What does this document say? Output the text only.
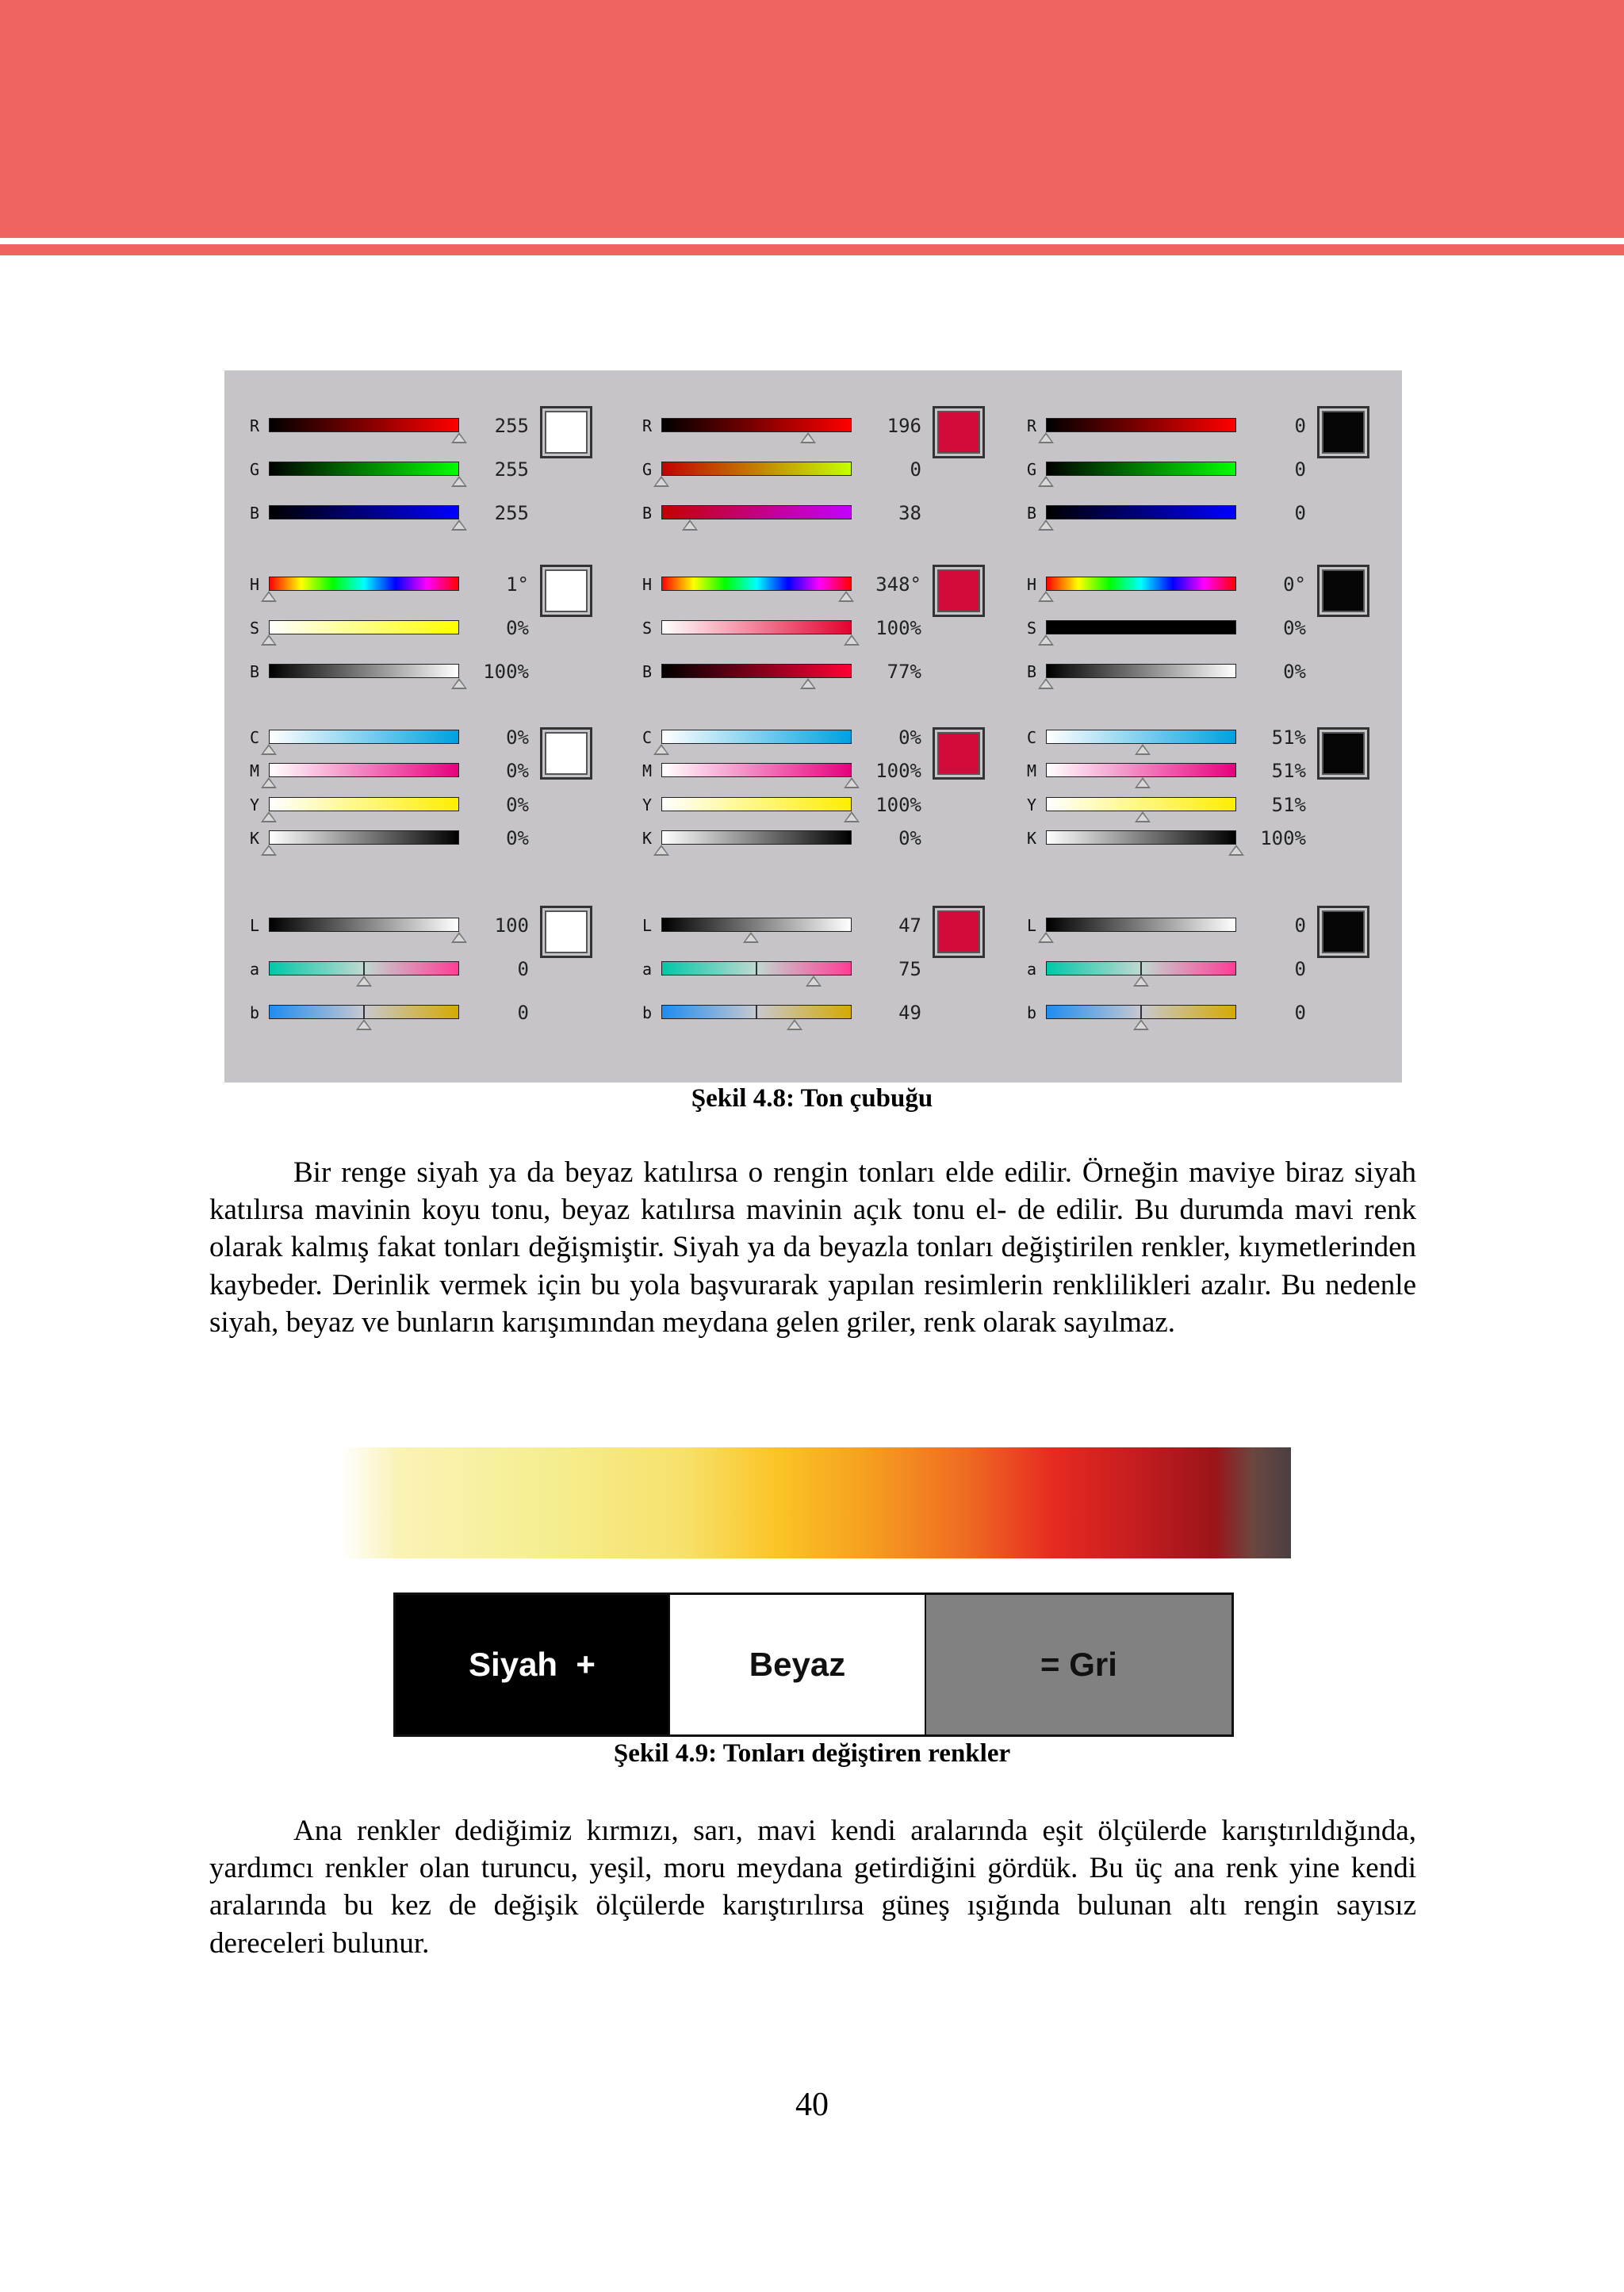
R	255
G	255
B	255
H	1°
S	0%
B	100%
C	0%
M	0%
Y	0%
K	0%
L	100
a	0
b	0
R	196
G	0
B	38
H	348°
S	100%
B	77%
C	0%
M	100%
Y	100%
K	0%
L	47
a	75
b	49
R	0
G	0
B	0
H	0°
S	0%
B	0%
C	51%
M	51%
Y	51%
K	100%
L	0
a	0
b	0
Şekil 4.8: Ton çubuğu

Bir renge siyah ya da beyaz katılırsa o rengin tonları elde edilir. Örneğin maviye biraz siyah katılırsa mavinin koyu tonu, beyaz katılırsa mavinin açık tonu el- de edilir. Bu durumda mavi renk olarak kalmış fakat tonları değişmiştir. Siyah ya da beyazla tonları değiştirilen renkler, kıymetlerinden kaybeder. Derinlik vermek için bu yola başvurarak yapılan resimlerin renklilikleri azalır. Bu nedenle siyah, beyaz ve bunların karışımından meydana gelen griler, renk olarak sayılmaz.

Siyah  +	Beyaz	= Gri
Şekil 4.9: Tonları değiştiren renkler

Ana renkler dediğimiz kırmızı, sarı, mavi kendi aralarında eşit ölçülerde karıştırıldığında, yardımcı renkler olan turuncu, yeşil, moru meydana getirdiğini gördük. Bu üç ana renk yine kendi aralarında bu kez de değişik ölçülerde karıştırılırsa güneş ışığında bulunan altı rengin sayısız dereceleri bulunur.

40
